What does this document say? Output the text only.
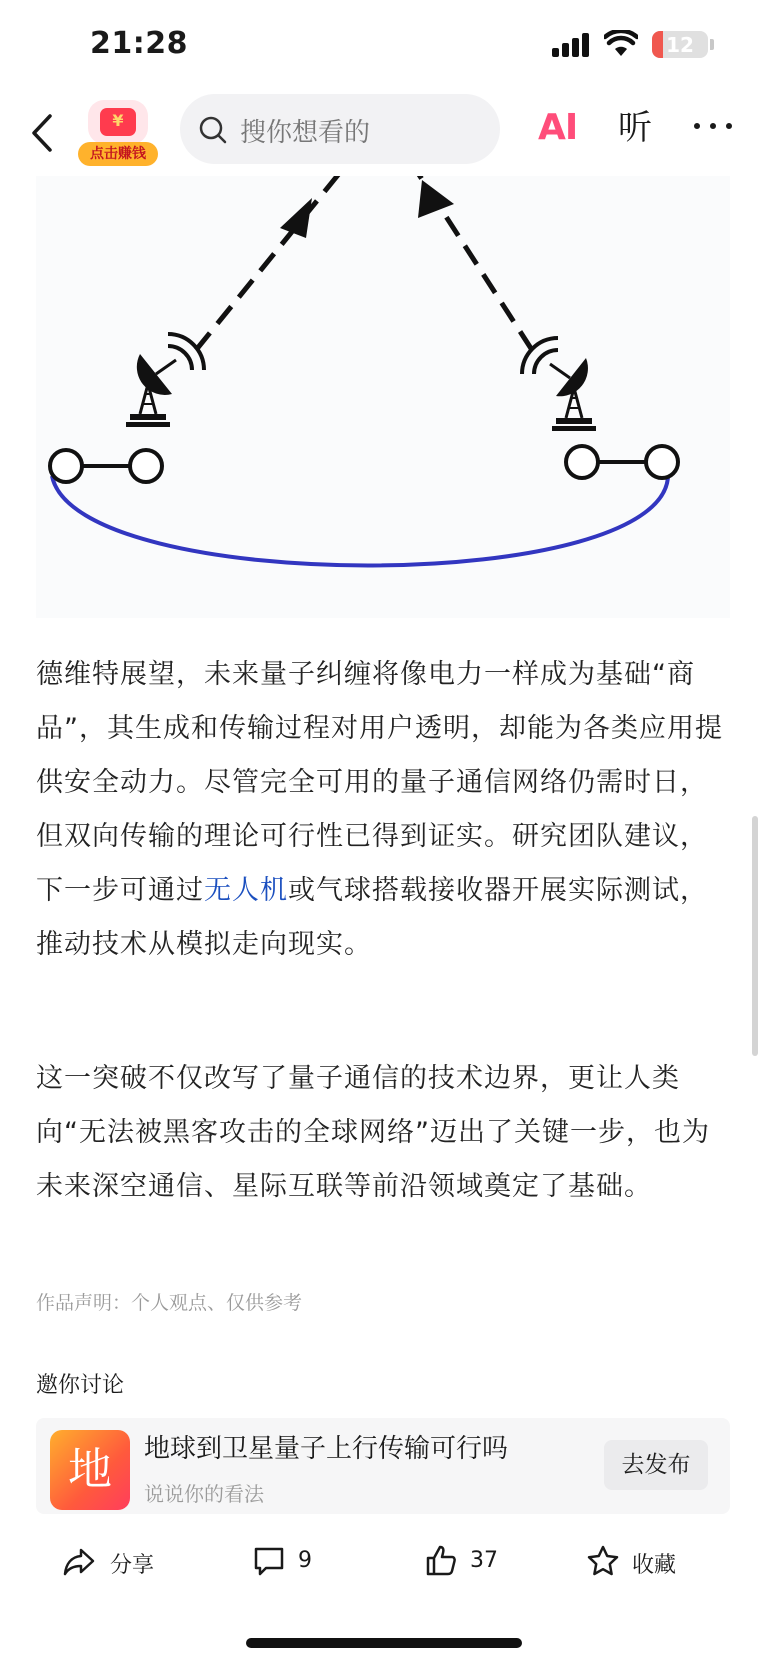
21:28	12
¥
点击赚钱
搜你想看的	AI 听

德维特展望，未来量子纠缠将像电力一样成为基础“商品”，其生成和传输过程对用户透明，却能为各类应用提供安全动力。尽管完全可用的量子通信网络仍需时日，但双向传输的理论可行性已得到证实。研究团队建议，下一步可通过无人机或气球搭载接收器开展实际测试，推动技术从模拟走向现实。

这一突破不仅改写了量子通信的技术边界，更让人类向“无法被黑客攻击的全球网络”迈出了关键一步，也为未来深空通信、星际互联等前沿领域奠定了基础。

作品声明：个人观点、仅供参考
邀你讨论
地	地球到卫星量子上行传输可行吗
说说你的看法
去发布
分享	9	37	收藏
